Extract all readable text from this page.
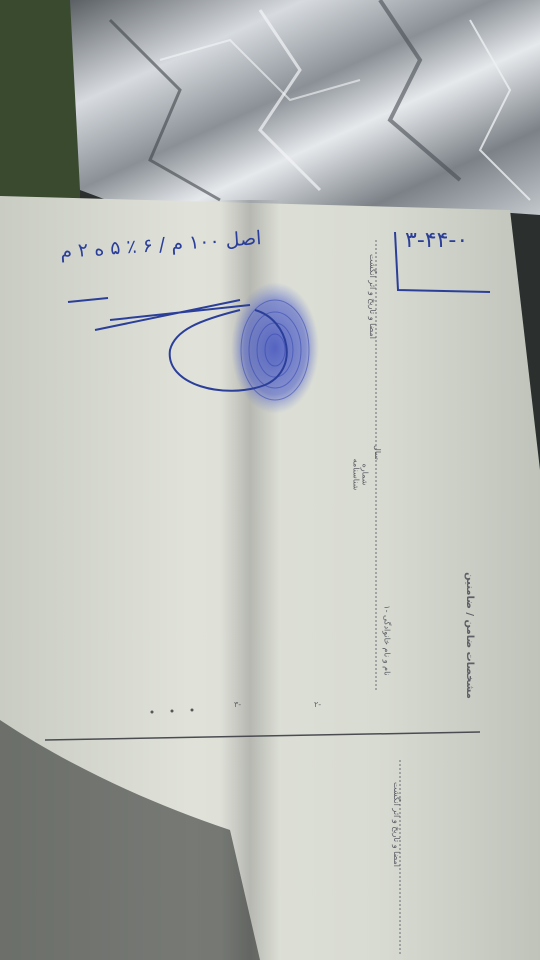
۳-۴۴-۰
اصل ۱۰۰ م / ۶ ٪ ۵ ه ۲ م
امضا و تاریخ و اثر انگشت
شماره
شناسنامه
سال
۱- نام و نام خانوادگی	مشخصات ضامن / ضامنین
۲-
۳-
امضا و تاریخ و اثر انگشت
